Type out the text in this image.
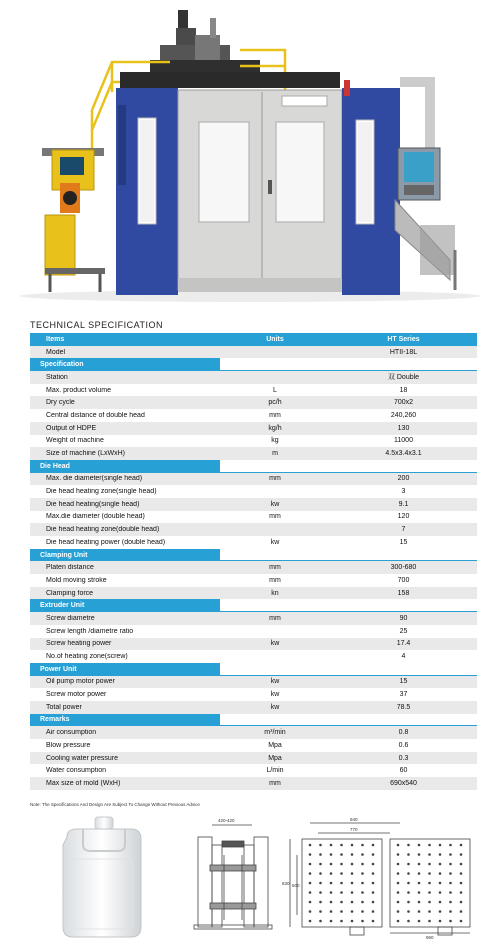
TECHNICAL SPECIFICATION
Items	Units	HT Series
Model	HTII-18L
Specification
Station	双 Double
Max. product volume	L	18
Dry cycle	pc/h	700x2
Central distance of double head	mm	240,260
Output of HDPE	kg/h	130
Weight of machine	kg	11000
Size of machine (LxWxH)	m	4.5x3.4x3.1
Die Head
Max. die diameter(single head)	mm	200
Die head heating zone(single head)	3
Die head heating(single head)	kw	9.1
Max.die diameter (double head)	mm	120
Die head heating zone(double head)	7
Die head heating power (double head)	kw	15
Clamping Unit
Platen distance	mm	300-680
Mold moving stroke	mm	700
Clamping force	kn	158
Extruder Unit
Screw diametre	mm	90
Screw length /diametre ratio	25
Screw heating power	kw	17.4
No.of heating zone(screw)	4
Power Unit
Oil pump motor power	kw	15
Screw motor power	kw	37
Total power	kw	78.5
Remarks
Air consumption	m³/min	0.8
Blow pressure	Mpa	0.6
Cooling water pressure	Mpa	0.3
Water consumption	L/min	60
Max size of mold (WxH)	mm	690x540
Note: The Specifications And Design Are Subject To Change Without Previous Advice
420-420	940
770
830 500
960
